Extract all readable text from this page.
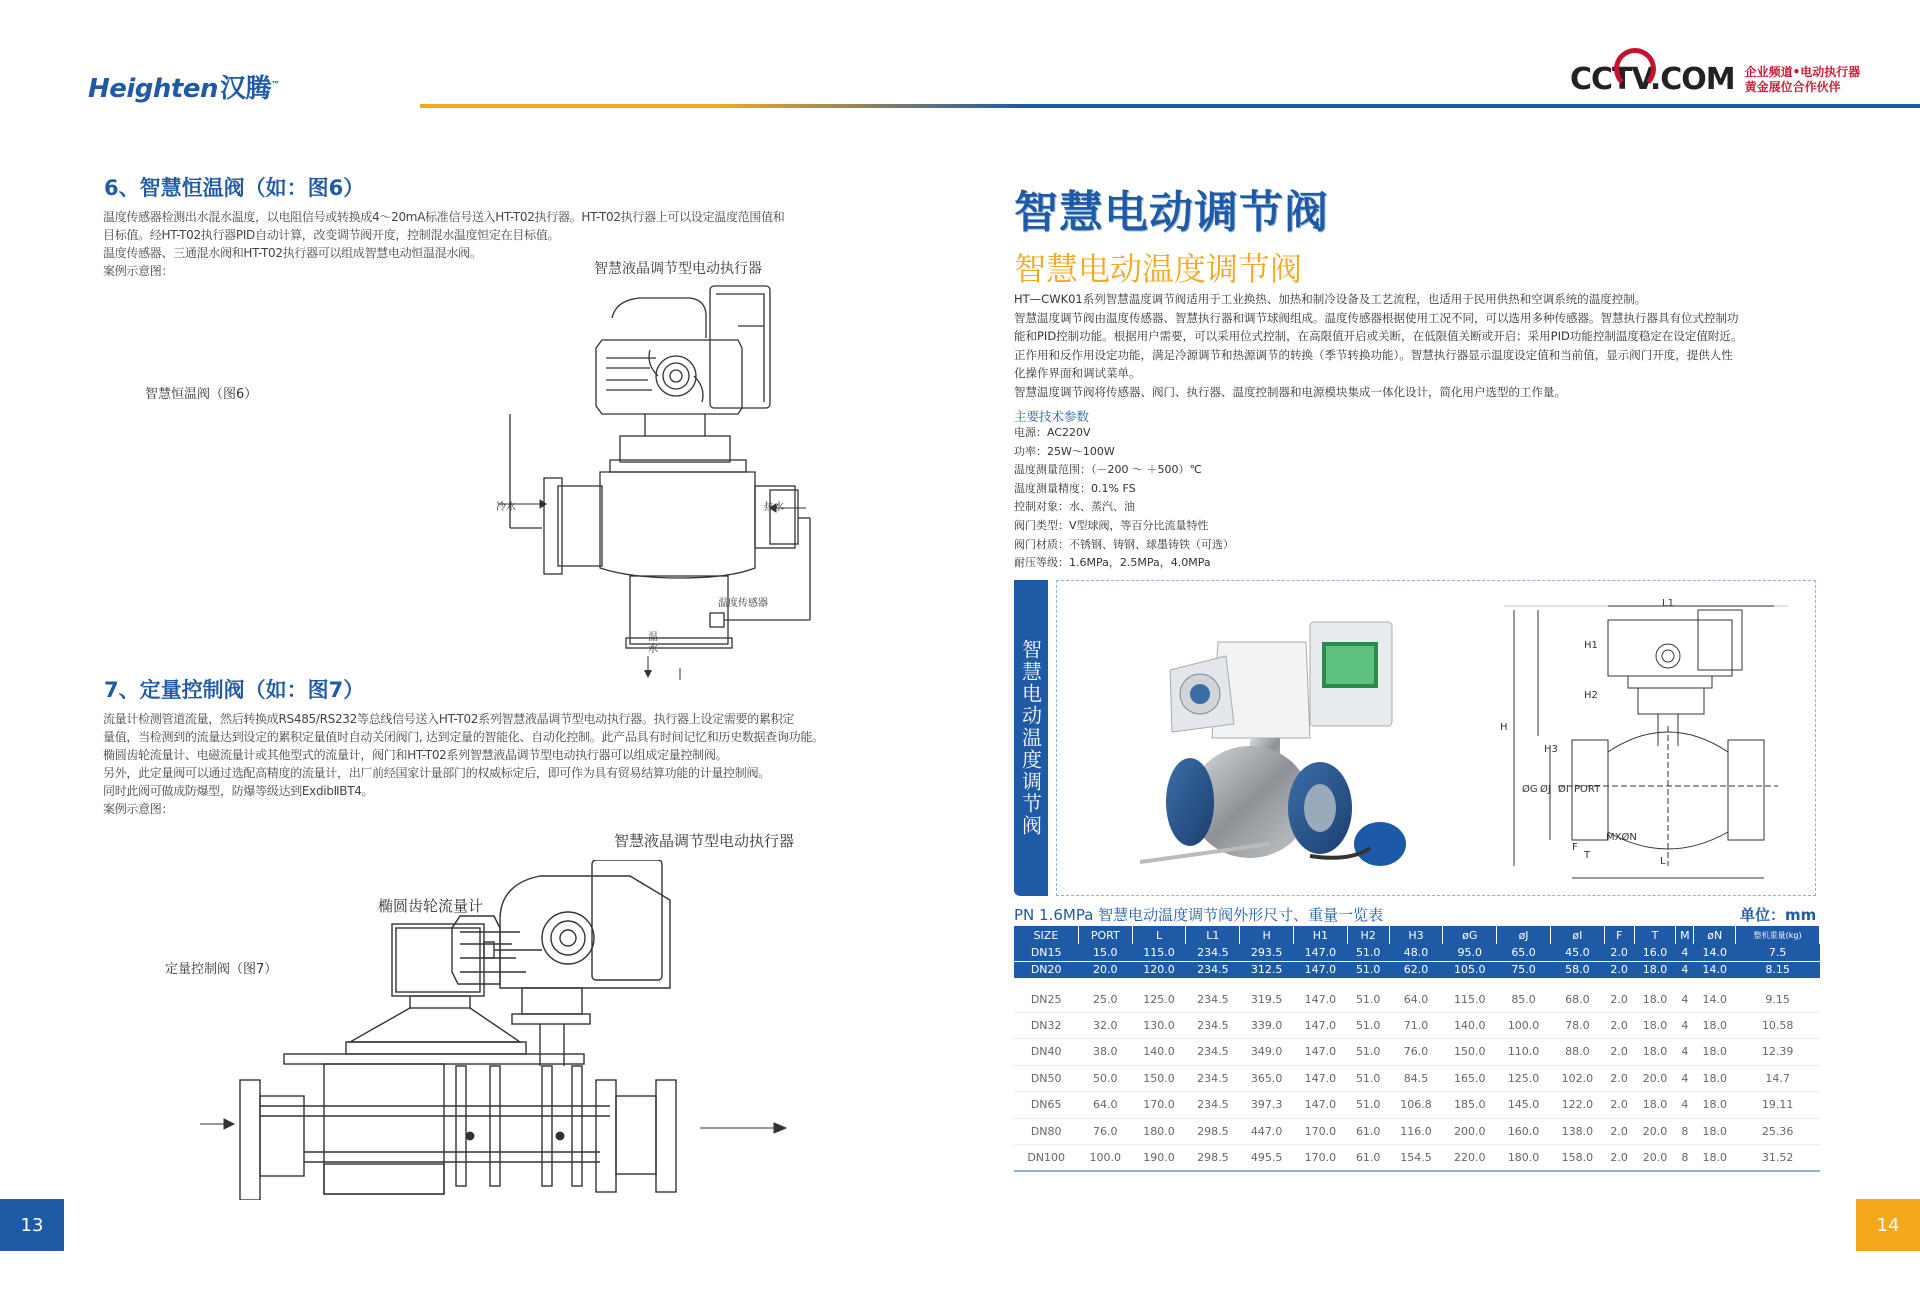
Heighten汉腾™	CCTV.COM 企业频道•电动执行器
黄金展位合作伙伴
6、智慧恒温阀（如：图6）
温度传感器检测出水混水温度，以电阻信号或转换成4～20mA标准信号送入HT-T02执行器。HT-T02执行器上可以设定温度范围值和
目标值。经HT-T02执行器PID自动计算，改变调节阀开度，控制混水温度恒定在目标值。
温度传感器、三通混水阀和HT-T02执行器可以组成智慧电动恒温混水阀。
案例示意图：	智慧液晶调节型电动执行器
智慧恒温阀（图6）
冷水	热水
温度传感器
温水
7、定量控制阀（如：图7）
流量计检测管道流量，然后转换成RS485/RS232等总线信号送入HT-T02系列智慧液晶调节型电动执行器。执行器上设定需要的累积定
量值，当检测到的流量达到设定的累积定量值时自动关闭阀门, 达到定量的智能化、自动化控制。此产品具有时间记忆和历史数据查询功能。
椭圆齿轮流量计、电磁流量计或其他型式的流量计，阀门和HT-T02系列智慧液晶调节型电动执行器可以组成定量控制阀。
另外，此定量阀可以通过选配高精度的流量计，出厂前经国家计量部门的权威标定后，即可作为具有贸易结算功能的计量控制阀。
同时此阀可做成防爆型，防爆等级达到ExdibⅡBT4。
案例示意图：
智慧液晶调节型电动执行器
椭圆齿轮流量计
定量控制阀（图7）
13
智慧电动调节阀
智慧电动温度调节阀
HT—CWK01系列智慧温度调节阀适用于工业换热、加热和制冷设备及工艺流程，也适用于民用供热和空调系统的温度控制。
智慧温度调节阀由温度传感器、智慧执行器和调节球阀组成。温度传感器根据使用工况不同，可以选用多种传感器。智慧执行器具有位式控制功
能和PID控制功能。根据用户需要，可以采用位式控制，在高限值开启或关断，在低限值关断或开启；采用PID功能控制温度稳定在设定值附近。
正作用和反作用设定功能，满足冷源调节和热源调节的转换（季节转换功能）。智慧执行器显示温度设定值和当前值，显示阀门开度，提供人性
化操作界面和调试菜单。
智慧温度调节阀将传感器、阀门、执行器、温度控制器和电源模块集成一体化设计，简化用户选型的工作量。
主要技术参数
电源：AC220V
功率：25W～100W
温度测量范围：（－200 ～ ＋500）℃
温度测量精度：0.1% FS
控制对象：水、蒸汽、油
阀门类型：V型球阀，等百分比流量特性
阀门材质：不锈钢、铸钢、球墨铸铁（可选）
耐压等级：1.6MPa，2.5MPa，4.0MPa
智慧电动温度调节阀
L1
H1
H2
H
H3
ØG ØJ ØI PORT
MXØN
F
T
L
PN 1.6MPa 智慧电动温度调节阀外形尺寸、重量一览表	单位：mm
SIZE	PORT	L	L1	H	H1	H2	H3	øG	øJ	øI	F	T	M	øN	整机重量(kg)
DN15	15.0	115.0	234.5	293.5	147.0	51.0	48.0	95.0	65.0	45.0	2.0	16.0	4	14.0	7.5
DN20	20.0	120.0	234.5	312.5	147.0	51.0	62.0	105.0	75.0	58.0	2.0	18.0	4	14.0	8.15
DN25	25.0	125.0	234.5	319.5	147.0	51.0	64.0	115.0	85.0	68.0	2.0	18.0	4	14.0	9.15
DN32	32.0	130.0	234.5	339.0	147.0	51.0	71.0	140.0	100.0	78.0	2.0	18.0	4	18.0	10.58
DN40	38.0	140.0	234.5	349.0	147.0	51.0	76.0	150.0	110.0	88.0	2.0	18.0	4	18.0	12.39
DN50	50.0	150.0	234.5	365.0	147.0	51.0	84.5	165.0	125.0	102.0	2.0	20.0	4	18.0	14.7
DN65	64.0	170.0	234.5	397.3	147.0	51.0	106.8	185.0	145.0	122.0	2.0	18.0	4	18.0	19.11
DN80	76.0	180.0	298.5	447.0	170.0	61.0	116.0	200.0	160.0	138.0	2.0	20.0	8	18.0	25.36
DN100	100.0	190.0	298.5	495.5	170.0	61.0	154.5	220.0	180.0	158.0	2.0	20.0	8	18.0	31.52
14
